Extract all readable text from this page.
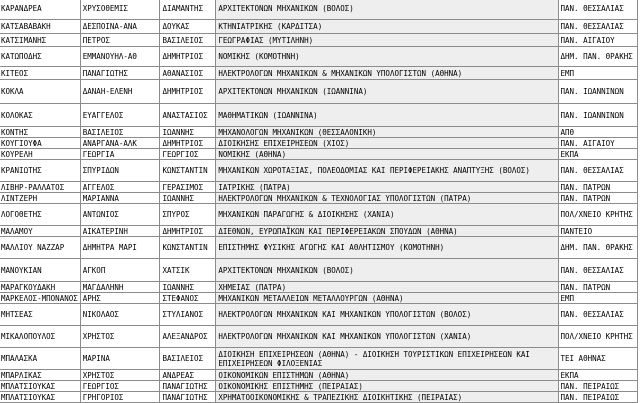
ΚΑΡΑΝΔΡΕΑ	ΧΡΥΣΟΘΕΜΙΣ	ΔΙΑΜΑΝΤΗΣ	ΑΡΧΙΤΕΚΤΟΝΩΝ ΜΗΧΑΝΙΚΩΝ (ΒΟΛΟΣ)	ΠΑΝ. ΘΕΣΣΑΛΙΑΣ
ΚΑΤΣΑΒΑΒΑΚΗ	ΔΕΣΠΟΙΝΑ-ΑΝΑ	ΔΟΥΚΑΣ	ΚΤΗΝΙΑΤΡΙΚΗΣ (ΚΑΡΔΙΤΣΑ)	ΠΑΝ. ΘΕΣΣΑΛΙΑΣ
ΚΑΤΣΙΜΑΝΗΣ	ΠΕΤΡΟΣ	ΒΑΣΙΛΕΙΟΣ	ΓΕΩΓΡΑΦΙΑΣ (ΜΥΤΙΛΗΝΗ)	ΠΑΝ. ΑΙΓΑΙΟΥ
ΚΑΤΩΠΟΔΗΣ	ΕΜΜΑΝΟΥΗΛ-ΑΘ	ΔΗΜΗΤΡΙΟΣ	ΝΟΜΙΚΗΣ (ΚΟΜΟΤΗΝΗ)	ΔΗΜ. ΠΑΝ. ΘΡΑΚΗΣ
ΚΙΤΕΟΣ	ΠΑΝΑΓΙΩΤΗΣ	ΑΘΑΝΑΣΙΟΣ	ΗΛΕΚΤΡΟΛΟΓΩΝ ΜΗΧΑΝΙΚΩΝ & ΜΗΧΑΝΙΚΩΝ ΥΠΟΛΟΓΙΣΤΩΝ (ΑΘΗΝΑ)	ΕΜΠ
ΚΟΚΛΑ	ΔΑΝΑΗ-ΕΛΕΝΗ	ΔΗΜΗΤΡΙΟΣ	ΑΡΧΙΤΕΚΤΟΝΩΝ ΜΗΧΑΝΙΚΩΝ (ΙΩΑΝΝΙΝΑ)	ΠΑΝ. ΙΩΑΝΝΙΝΩΝ
ΚΟΛΟΚΑΣ	ΕΥΑΓΓΕΛΟΣ	ΑΝΑΣΤΑΣΙΟΣ	ΜΑΘΗΜΑΤΙΚΩΝ (ΙΩΑΝΝΙΝΑ)	ΠΑΝ. ΙΩΑΝΝΙΝΩΝ
ΚΟΝΤΗΣ	ΒΑΣΙΛΕΙΟΣ	ΙΩΑΝΝΗΣ	ΜΗΧΑΝΟΛΟΓΩΝ ΜΗΧΑΝΙΚΩΝ (ΘΕΣΣΑΛΟΝΙΚΗ)	ΑΠΘ
ΚΟΥΓΙΟΥΦΑ	ΑΝΑΡΓΑΝΑ-ΑΛΚ	ΔΗΜΗΤΡΙΟΣ	ΔΙΟΙΚΗΣΗΣ ΕΠΙΧΕΙΡΗΣΕΩΝ (ΧΙΟΣ)	ΠΑΝ. ΑΙΓΑΙΟΥ
ΚΟΥΡΕΛΗ	ΓΕΩΡΓΙΑ	ΓΕΩΡΓΙΟΣ	ΝΟΜΙΚΗΣ (ΑΘΗΝΑ)	ΕΚΠΑ
ΚΡΑΝΙΩΤΗΣ	ΣΠΥΡΙΔΩΝ	ΚΩΝΣΤΑΝΤΙΝ	ΜΗΧΑΝΙΚΩΝ ΧΩΡΟΤΑΞΙΑΣ, ΠΟΛΕΟΔΟΜΙΑΣ ΚΑΙ ΠΕΡΙΦΕΡΕΙΑΚΗΣ ΑΝΑΠΤΥΞΗΣ (ΒΟΛΟΣ)	ΠΑΝ. ΘΕΣΣΑΛΙΑΣ
ΛΙΒΗΡ-ΡΑΛΛΑΤΟΣ	ΑΓΓΕΛΟΣ	ΓΕΡΑΣΙΜΟΣ	ΙΑΤΡΙΚΗΣ (ΠΑΤΡΑ)	ΠΑΝ. ΠΑΤΡΩΝ
ΛΙΝΤΖΕΡΗ	ΜΑΡΙΑΝΝΑ	ΙΩΑΝΝΗΣ	ΗΛΕΚΤΡΟΛΟΓΩΝ ΜΗΧΑΝΙΚΩΝ & ΤΕΧΝΟΛΟΓΙΑΣ ΥΠΟΛΟΓΙΣΤΩΝ (ΠΑΤΡΑ)	ΠΑΝ. ΠΑΤΡΩΝ
ΛΟΓΟΘΕΤΗΣ	ΑΝΤΩΝΙΟΣ	ΣΠΥΡΟΣ	ΜΗΧΑΝΙΚΩΝ ΠΑΡΑΓΩΓΗΣ & ΔΙΟΙΚΗΣΗΣ (ΧΑΝΙΑ)	ΠΟΛ/ΧΝΕΙΟ ΚΡΗΤΗΣ
ΜΑΛΑΜΟΥ	ΑΙΚΑΤΕΡΙΝΗ	ΔΗΜΗΤΡΙΟΣ	ΔΙΕΘΝΩΝ, ΕΥΡΩΠΑΪΚΩΝ ΚΑΙ ΠΕΡΙΦΕΡΕΙΑΚΩΝ ΣΠΟΥΔΩΝ (ΑΘΗΝΑ)	ΠΑΝΤΕΙΟ
ΜΑΛΛΙΟΥ ΝΑΖΖΑΡ	ΔΗΜΗΤΡΑ ΜΑΡΙ	ΚΩΝΣΤΑΝΤΙΝ	ΕΠΙΣΤΗΜΗΣ ΦΥΣΙΚΗΣ ΑΓΩΓΗΣ ΚΑΙ ΑΘΛΗΤΙΣΜΟΥ (ΚΟΜΟΤΗΝΗ)	ΔΗΜ. ΠΑΝ. ΘΡΑΚΗΣ
ΜΑΝΟΥΚΙΑΝ	ΑΓΚΟΠ	ΧΑΤΣΙΚ	ΑΡΧΙΤΕΚΤΟΝΩΝ ΜΗΧΑΝΙΚΩΝ (ΒΟΛΟΣ)	ΠΑΝ. ΘΕΣΣΑΛΙΑΣ
ΜΑΡΑΓΚΟΥΔΑΚΗ	ΜΑΓΔΑΛΗΝΗ	ΙΩΑΝΝΗΣ	ΧΗΜΕΙΑΣ (ΠΑΤΡΑ)	ΠΑΝ. ΠΑΤΡΩΝ
ΜΑΡΚΕΛΟΣ-ΜΠΟΝΑΝΟΣ	ΑΡΗΣ	ΣΤΕΦΑΝΟΣ	ΜΗΧΑΝΙΚΩΝ ΜΕΤΑΛΛΕΙΩΝ ΜΕΤΑΛΛΟΥΡΓΩΝ (ΑΘΗΝΑ)	ΕΜΠ
ΜΗΤΣΕΑΣ	ΝΙΚΟΛΑΟΣ	ΣΤΥΛΙΑΝΟΣ	ΗΛΕΚΤΡΟΛΟΓΩΝ ΜΗΧΑΝΙΚΩΝ ΚΑΙ ΜΗΧΑΝΙΚΩΝ ΥΠΟΛΟΓΙΣΤΩΝ (ΒΟΛΟΣ)	ΠΑΝ. ΘΕΣΣΑΛΙΑΣ
ΜΙΚΑΛΟΠΟΥΛΟΣ	ΧΡΗΣΤΟΣ	ΑΛΕΞΑΝΔΡΟΣ	ΗΛΕΚΤΡΟΛΟΓΩΝ ΜΗΧΑΝΙΚΩΝ ΚΑΙ ΜΗΧΑΝΙΚΩΝ ΥΠΟΛΟΓΙΣΤΩΝ (ΧΑΝΙΑ)	ΠΟΛ/ΧΝΕΙΟ ΚΡΗΤΗΣ
ΜΠΑΛΑΣΚΑ	ΜΑΡΙΝΑ	ΒΑΣΙΛΕΙΟΣ	ΔΙΟΙΚΗΣΗ ΕΠΙΧΕΙΡΗΣΕΩΝ (ΑΘΗΝΑ) - ΔΙΟΙΚΗΣΗ ΤΟΥΡΙΣΤΙΚΩΝ ΕΠΙΧΕΙΡΗΣΕΩΝ ΚΑΙ ΕΠΙΧΕΙΡΗΣΕΩΝ ΦΙΛΟΞΕΝΙΑΣ	ΤΕΙ ΑΘΗΝΑΣ
ΜΠΑΡΛΙΚΑΣ	ΧΡΗΣΤΟΣ	ΑΝΔΡΕΑΣ	ΟΙΚΟΝΟΜΙΚΩΝ ΕΠΙΣΤΗΜΩΝ (ΑΘΗΝΑ)	ΕΚΠΑ
ΜΠΛΑΤΣΙΟΥΚΑΣ	ΓΕΩΡΓΙΟΣ	ΠΑΝΑΓΙΩΤΗΣ	ΟΙΚΟΝΟΜΙΚΗΣ ΕΠΙΣΤΗΜΗΣ (ΠΕΙΡΑΙΑΣ)	ΠΑΝ. ΠΕΙΡΑΙΩΣ
ΜΠΛΑΤΣΙΟΥΚΑΣ	ΓΡΗΓΟΡΙΟΣ	ΠΑΝΑΓΙΩΤΗΣ	ΧΡΗΜΑΤΟΟΙΚΟΝΟΜΙΚΗΣ & ΤΡΑΠΕΖΙΚΗΣ ΔΙΟΙΚΗΤΙΚΗΣ (ΠΕΙΡΑΙΑΣ)	ΠΑΝ. ΠΕΙΡΑΙΩΣ
